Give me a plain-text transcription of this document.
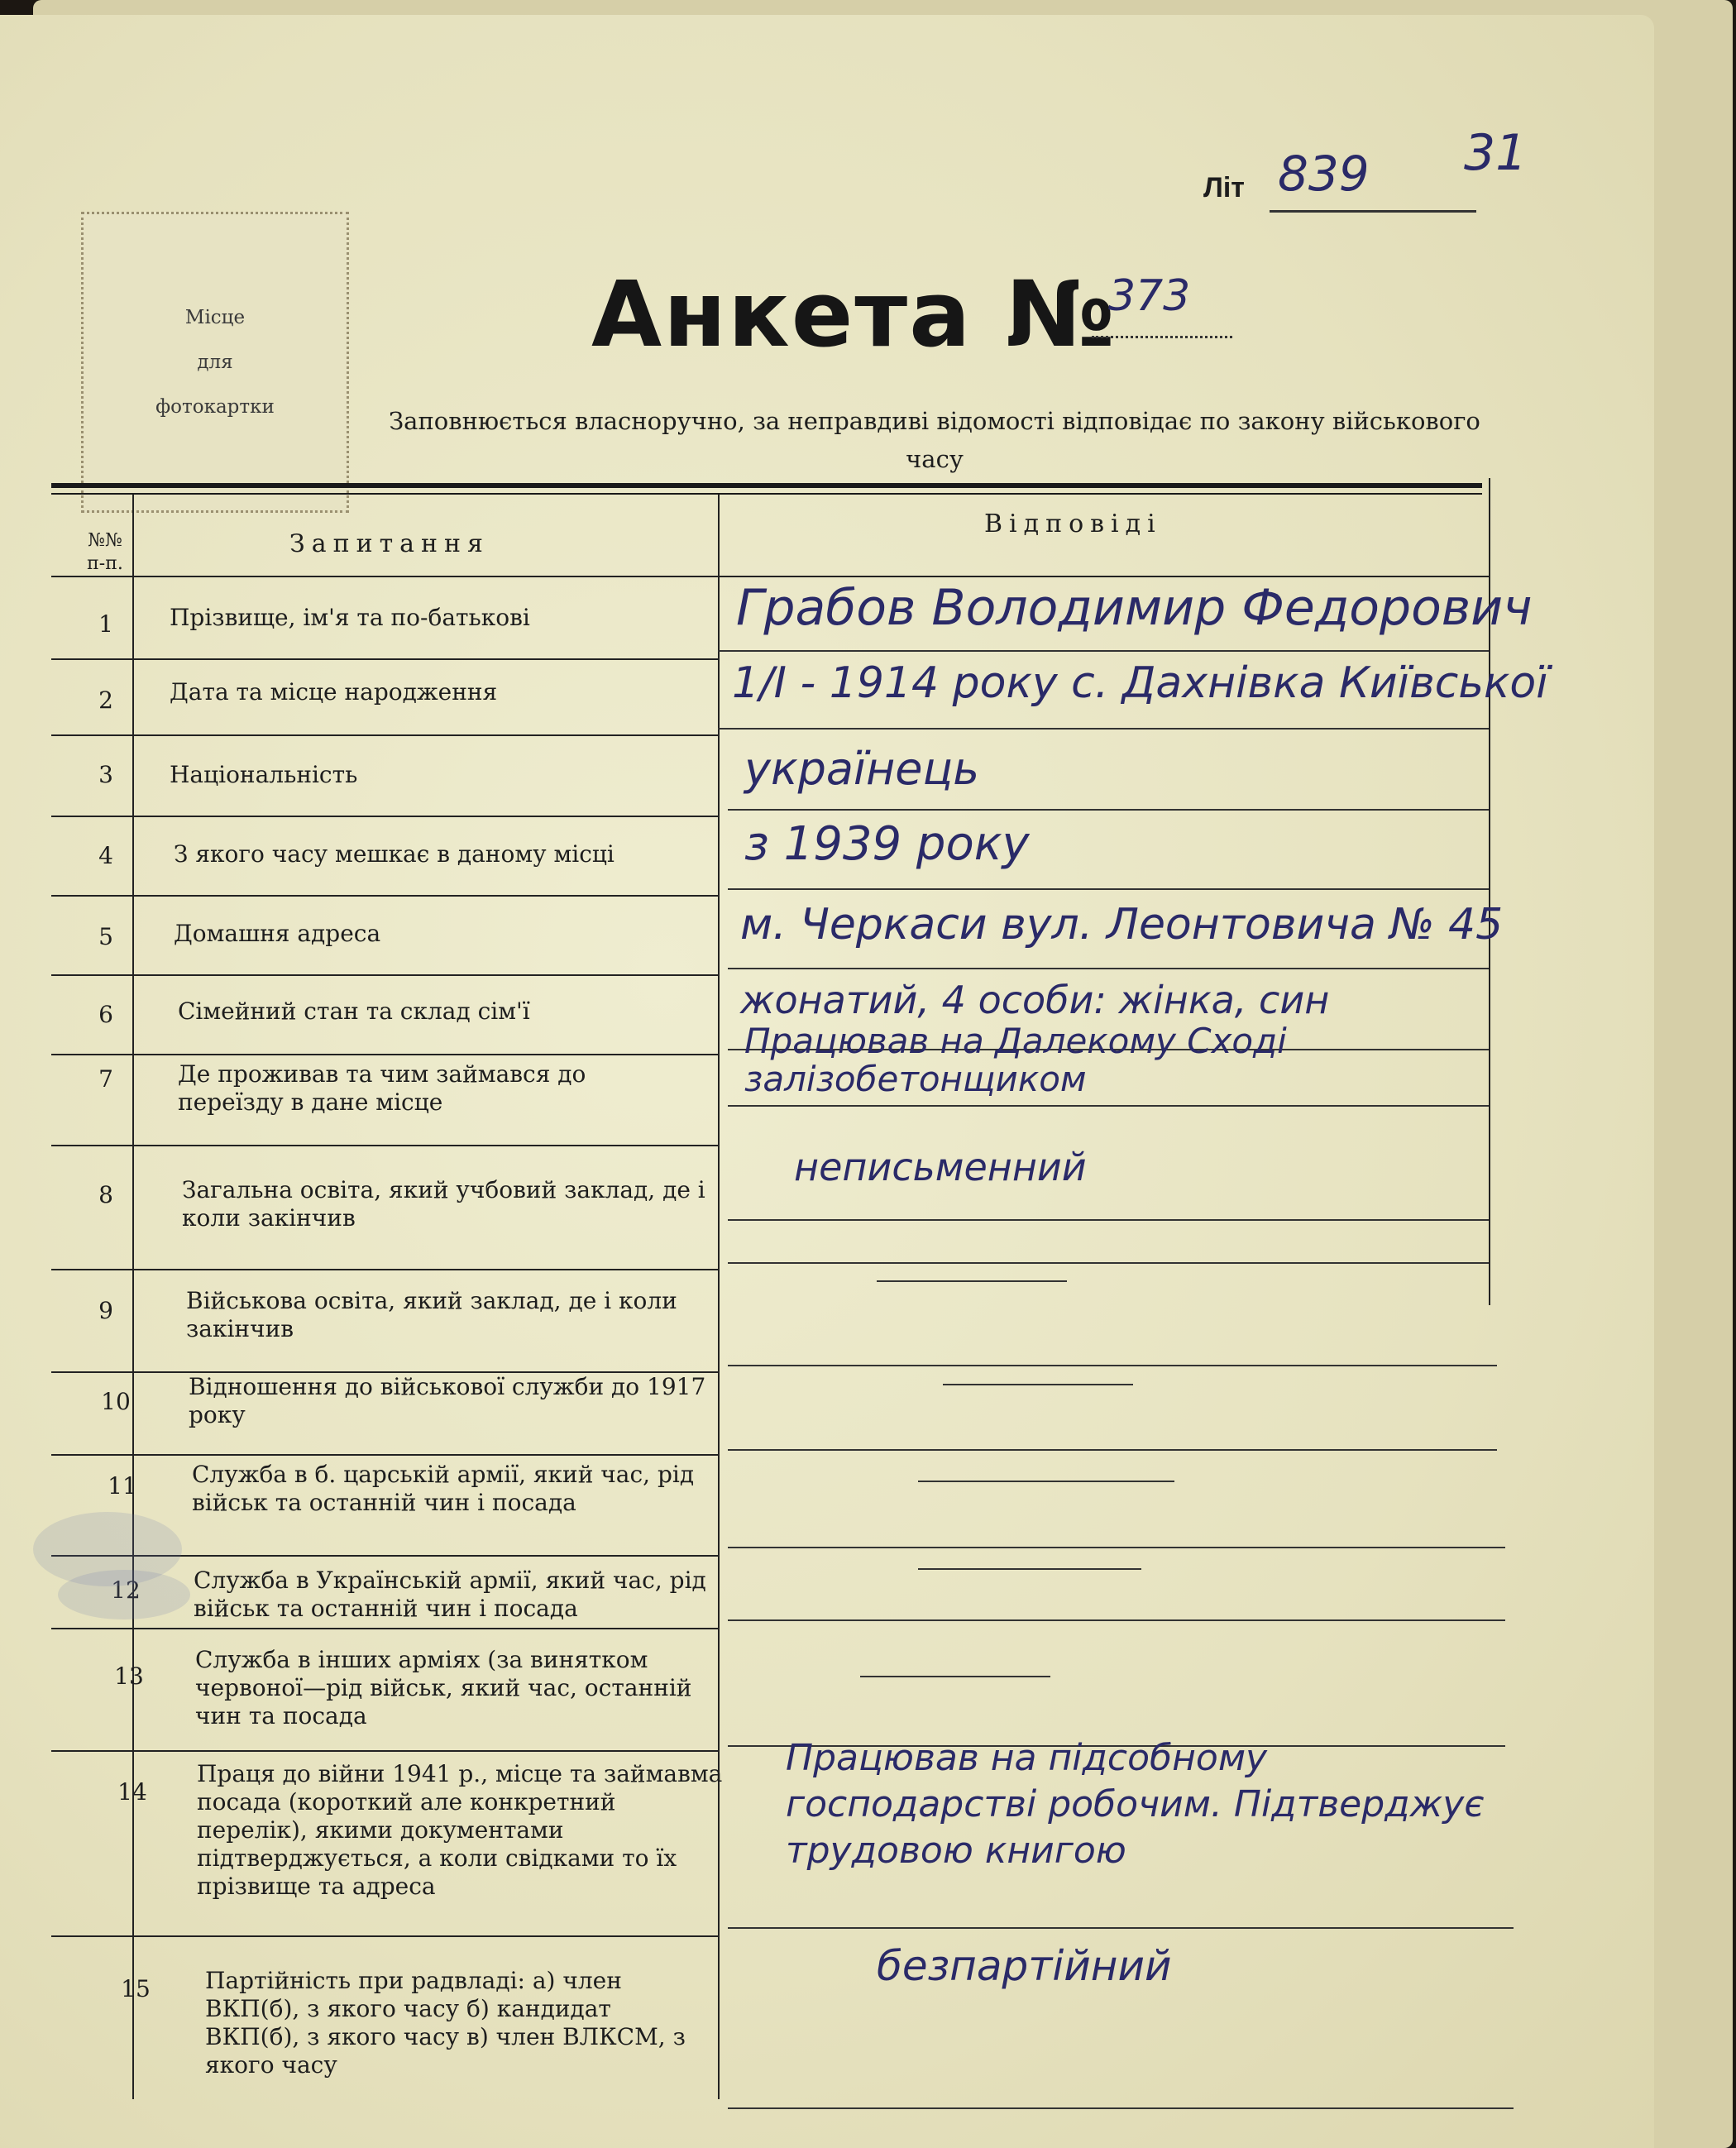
Літ 839 31
Місце
для
фотокартки
Анкета №
373
Заповнюється власноручно, за неправдиві відомості відповідає по закону військового часу
№№ п-п.
Запитання
Відповіді
1
2
3
4
5
6
7
8
9
10
11
12
13
14
15
Прізвище, ім'я та по-батькові
Дата та місце народження
Національність
З якого часу мешкає в даному місці
Домашня адреса
Сімейний стан та склад сім'ї
Де проживав та чим займався до переїзду в дане місце
Загальна освіта, який учбовий заклад, де і коли закінчив
Військова освіта, який заклад, де і коли закінчив
Відношення до військової служби до 1917 року
Служба в б. царській армії, який час, рід військ та останній чин і посада
Служба в Українській армії, який час, рід військ та останній чин і посада
Служба в інших арміях (за винятком червоної—рід військ, який час, останній чин та посада
Праця до війни 1941 р., місце та займавма посада (короткий але конкретний перелік), якими документами підтверджується, а коли свідками то їх прізвище та адреса
Партійність при радвладі: а) член ВКП(б), з якого часу б) кандидат ВКП(б), з якого часу в) член ВЛКСМ, з якого часу
Грабов Володимир Федорович
1/I - 1914 року с. Дахнівка Київської
українець
з 1939 року
м. Черкаси вул. Леонтовича № 45
жонатий, 4 особи: жінка, син
Працював на Далекому Сході залізобетонщиком
неписьменний
Працював на підсобному господарстві робочим. Підтверджує трудовою книгою
безпартійний
